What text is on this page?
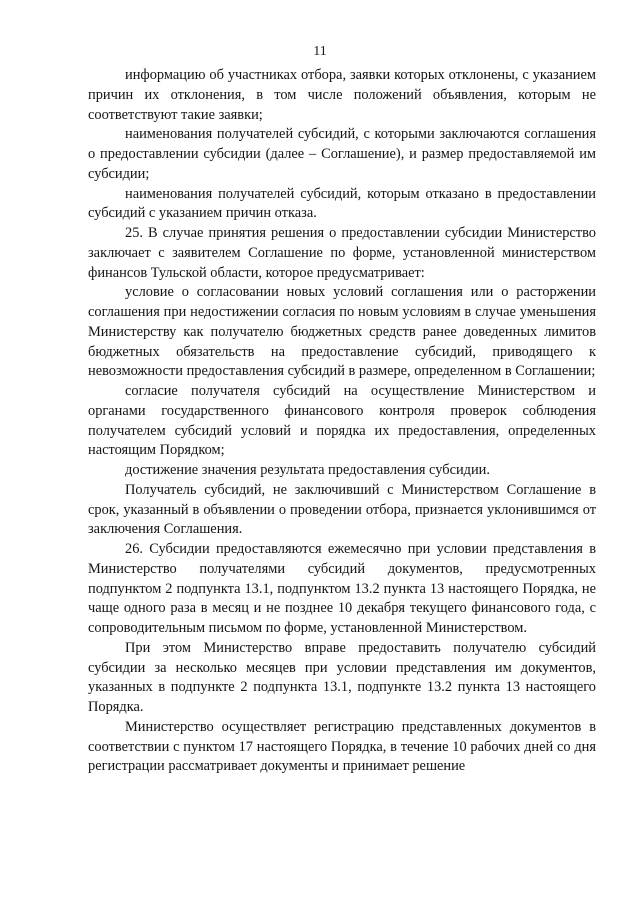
11

информацию об участниках отбора, заявки которых отклонены, с указанием причин их отклонения, в том числе положений объявления, которым не соответствуют такие заявки;

наименования получателей субсидий, с которыми заключаются соглашения о предоставлении субсидии (далее – Соглашение), и размер предоставляемой им субсидии;

наименования получателей субсидий, которым отказано в предоставлении субсидий с указанием причин отказа.

25. В случае принятия решения о предоставлении субсидии Министерство заключает с заявителем Соглашение по форме, установленной министерством финансов Тульской области, которое предусматривает:

условие о согласовании новых условий соглашения или о расторжении соглашения при недостижении согласия по новым условиям в случае уменьшения Министерству как получателю бюджетных средств ранее доведенных лимитов бюджетных обязательств на предоставление субсидий, приводящего к невозможности предоставления субсидий в размере, определенном в Соглашении;

согласие получателя субсидий на осуществление Министерством и органами государственного финансового контроля проверок соблюдения получателем субсидий условий и порядка их предоставления, определенных настоящим Порядком;

достижение значения результата предоставления субсидии.

Получатель субсидий, не заключивший с Министерством Соглашение в срок, указанный в объявлении о проведении отбора, признается уклонившимся от заключения Соглашения.

26. Субсидии предоставляются ежемесячно при условии представления в Министерство получателями субсидий документов, предусмотренных подпунктом 2 подпункта 13.1, подпунктом 13.2 пункта 13 настоящего Порядка, не чаще одного раза в месяц и не позднее 10 декабря текущего финансового года, с сопроводительным письмом по форме, установленной Министерством.

При этом Министерство вправе предоставить получателю субсидий субсидии за несколько месяцев при условии представления им документов, указанных в подпункте 2 подпункта 13.1, подпункте 13.2 пункта 13 настоящего Порядка.

Министерство осуществляет регистрацию представленных документов в соответствии с пунктом 17 настоящего Порядка, в течение 10 рабочих дней со дня регистрации рассматривает документы и принимает решение
